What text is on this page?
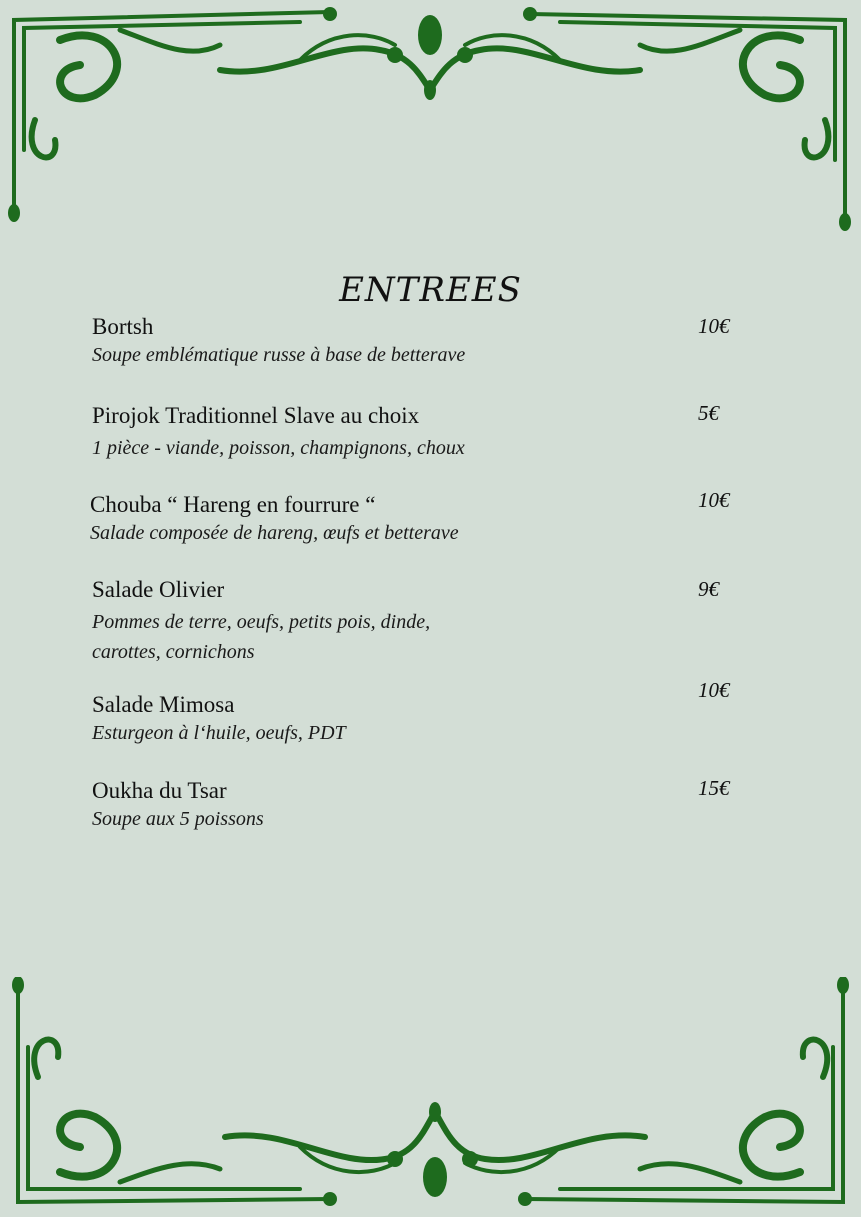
ENTREES
Bortsh
Soupe emblématique russe à base de betterave
10€
Pirojok Traditionnel Slave au choix
1 pièce - viande, poisson, champignons, choux
5€
Chouba “ Hareng en fourrure “
Salade composée de hareng, œufs et betterave
10€
Salade Olivier
Pommes de terre, oeufs, petits pois, dinde,
carottes, cornichons
9€
Salade Mimosa
Esturgeon à l‘huile, oeufs, PDT
10€
Oukha du Tsar
Soupe aux 5 poissons
15€
